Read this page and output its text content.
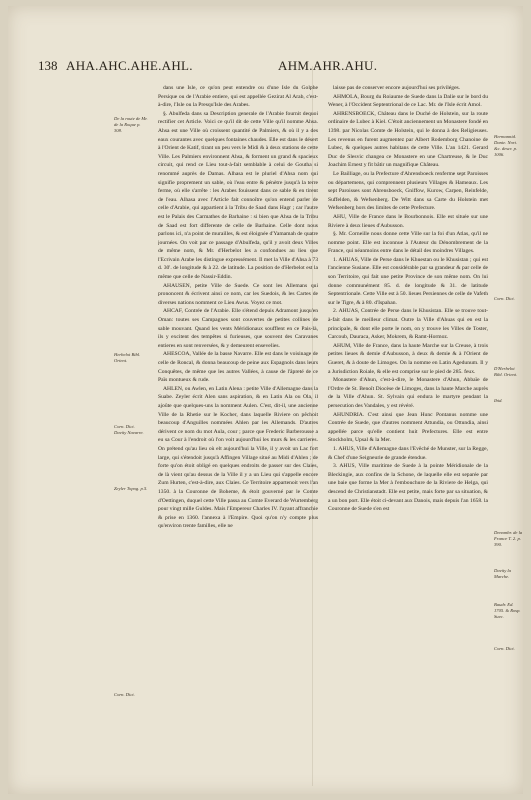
138 AHA.AHC.AHE.AHL.	AHM.AHR.AHU.
De la route de Mr. de la Roque p. 308.
Herbelot Bibl. Orient.
Corn. Dict. Davity Navarre.
Zeyler Topog. p.5.
Corn. Dict.
Hermannid. Danie. Nort. &c. descr. p. 1006.
Corn. Dict.
D'Herbelot Bibl. Orient.
Ibid.
Denombr. de la France T. 2. p. 390.
Davity la Marche.
Baudr. Ed. 1705. & Rosp. Suec.
Corn. Dict.

dans une Isle, ce qu'on peut entendre ou d'une Isle du Golphe Persique ou de l'Arabie entiere, qui est appellée Gezirat Al Arab, c'est-à-dire, l'Isle ou la Presqu'Isle des Arabes.

§. Abulfeda dans sa Description generale de l'Arabie fournit dequoi rectifier cet Article. Voici ce qu'il dit de cette Ville qu'il nomme Ahsa. Ahsa est une Ville où croissent quantité de Palmiers, & où il y a des eaux courantes avec quelques fontaines chaudes. Elle est dans le désert à l'Orient de Katif, tirant un peu vers le Midi & à deux stations de cette Ville. Les Palmiers environnent Ahsa, & forment un grand & spacieux circuit, qui rend ce Lieu tout-à-fait semblable à celui de Goutha si renommé auprès de Damas. Alhasa est le pluriel d'Ahsa nom qui signifie proprement un sable, où l'eau entre & pénètre jusqu'à la terre ferme, où elle s'arrête : les Arabes fouissent dans ce sable & en tirent de l'eau. Alhasa avec l'Article fait connoître qu'on entend parler de celle d'Arabie, qui appartient à la Tribu de Saad dans Hagr ; car l'autre est le Palais des Carmathes de Barhaine : si bien que Ahsa de la Tribu de Saad est fort differente de celle de Barhaine. Celle dont nous parlons ici, n'a point de murailles, & est éloignée d'Yamamah de quatre journées. On voit par ce passage d'Abulfeda, qu'il y avoit deux Villes de même nom, & Mr. d'Herbelot les a confondues au lieu que l'Ecrivain Arabe les distingue expressément. Il met la Ville d'Ahsa à 73 d. 30'. de longitude & à 22. de latitude. La position de d'Herbelot est la même que celle de Nassir-Eddin.

AHAUSEN, petite Ville de Suede. Ce sont les Allemans qui prononcent & écrivent ainsi ce nom, car les Suedois, & les Cartes de diverses nations nomment ce Lieu Awus. Voyez ce mot.

AHCAF, Contrée de l'Arabie. Elle s'étend depuis Adramont jusqu'en Oman: toutes ses Campagnes sont couvertes de petites collines de sable mouvant. Quand les vents Méridionaux soufflent en ce Pais-là, ils y excitent des tempêtes si furieuses, que souvent des Caravanes entieres en sont renversées, & y demeurent ensevelies.

AHESCOA, Vallée de la basse Navarre. Elle est dans le voisinage de celle de Roncal, & donna beaucoup de peine aux Espagnols dans leurs Conquêtes, de même que les autres Vallées, à cause de l'âpreté de ce Païs montueux & rude.

AHLEN, ou Awlen, en Latin Alena : petite Ville d'Allemagne dans la Suabe. Zeyler écrit Alen sans aspiration, & en Latin Ala ou Ola, il ajoûte que quelques-uns la nomment Aulen. C'est, dit-il, une ancienne Ville de la Rhetie sur le Kocher, dans laquelle Riviere on pêchoit beaucoup d'Anguilles nommées Ahlen par les Allemands. D'autres dérivent ce nom du mot Aula, cour ; parce que Frederic Barberousse a eu sa Cour à l'endroit où l'on voit aujourd'hui les murs & les carrieres. On prétend qu'au lieu où elt aujourd'hui la Ville, il y avoit un Lac fort large, qui s'étendoit jusqu'à Affingen Village situé au Midi d'Ahlen ; de forte qu'on étoit obligé en quelques endroits de passer sur des Claies, de là vient qu'au dessus de la Ville il y a un Lieu qui s'appelle encore Zum Hurten, c'est-à-dire, aux Claies. Ce Territoire appartenoit vers l'an 1350. à la Couronne de Boheme, & étoit gouverné par le Comte d'Oettingen, duquel cette Ville passa au Comte Everard de Wurtemberg pour vingt mille Guldes. Mais l'Empereur Charles IV. l'ayant affranchie & prise en 1360. l'annexa à l'Empire. Quoi qu'on n'y compte plus qu'environ trente familles, elle ne

laisse pas de conserver encore aujourd'hui ses priviléges.

AHMOLA, Bourg du Roiaume de Suede dans la Dalie sur le bord du Wener, à l'Occident Septentrional de ce Lac. Mr. de l'Isle écrit Amol.

AHRENSBOECK, Château dans le Duché de Holstein, sur la route ordinaire de Lubec à Kiel. C'étoit anciennement un Monastere fondé en 1398. par Nicolas Comte de Holstein, qui le donna à des Religieuses. Les revenus en furent augmentez par Albert Rodemborg Chanoine de Lubec, & quelques autres habitans de cette Ville. L'an 1421. Gerard Duc de Slesvic changea ce Monastere en une Chartreuse, & le Duc Joachim Ernest y fit bâtir un magnifique Château.

Le Bailliage, ou la Prefecture d'Ahrensboeck renferme sept Paroisses ou départemens, qui comprennent plusieurs Villages & Hameaux. Les sept Paroisses sont Ahrensboeck, Gniffow, Kurow, Carpen, Reinfelde, Suffelden, & Wefsenberg. De Witt dans sa Carte du Holstein met Wefsenberg hors des limites de cette Prefecture.

AHU, Ville de France dans le Bourbonnois. Elle est située sur une Riviere à deux lieues d'Aubusson.

§. Mr. Corneille nous donne cette Ville sur la foi d'un Atlas, qu'il ne nomme point. Elle est inconnue à l'Auteur du Dénombrement de la France, qui néanmoins entre dans le détail des moindres Villages.

1. AHUAS, Ville de Perse dans le Khuestan ou le Khusistan ; qui est l'ancienne Susiane. Elle est considérable par sa grandeur & par celle de son Territoire, qui fait une petite Province de son même nom. On lui donne communément 85. d. de longitude & 31. de latitude Septentrionale. Cette Ville est à 50. lieues Persiennes de celle de Vafeth sur le Tigre, & à 80. d'Ispahan.

2. AHUAS, Contrée de Perse dans le Khusistan. Elle se trouve tout-à-fait dans le meilleur climat. Outre la Ville d'Ahuas qui en est la principale, & dont elle porte le nom, on y trouve les Villes de Toster, Carcoub, Dauraca, Asker, Mokrem, & Ramt-Hormoz.

AHUM, Ville de France, dans la haute Marche sur la Creuse, à trois petites lieues & demie d'Aubusson, à deux & demie & à l'Orient de Gueret, & à doute de Limoges. On la nomme en Latin Agedunum. Il y a Jurisdiction Roiale, & elle est comprise sur le pied de 285. feux.

Monastere d'Ahun, c'est-à-dire, le Monastere d'Ahun, Abbaïe de l'Ordre de St. Benoît Diocèse de Limoges, dans la haute Marche auprès de la Ville d'Ahun. St. Sylvain qui endura le martyre pendant la persecution des Vandales, y est révéré.

AHUNDRIA. C'est ainsi que Jean Hunc Pontanus nomme une Contrée de Suede, que d'autres nomment Attundia, ou Ottundia, ainsi appellée parce qu'elle contient huit Prefectures. Elle est entre Stockholm, Upsal & la Mer.

1. AHUS, Ville d'Allemagne dans l'Evêché de Munster, sur la Regge, & Chef d'une Seigneurie de grande étendue.

3. AHUS, Ville maritime de Suede à la pointe Méridionale de la Bleckingie, aux confins de la Schone, de laquelle elle est separée par une baie que forme la Mer à l'embouchure de la Riviere de Helga, qui descend de Christianstadt. Elle est petite, mais forte par sa situation, & a un bon port. Elle étoit ci-devant aux Danois, mais depuis l'an 1658. la Couronne de Suede s'en est
